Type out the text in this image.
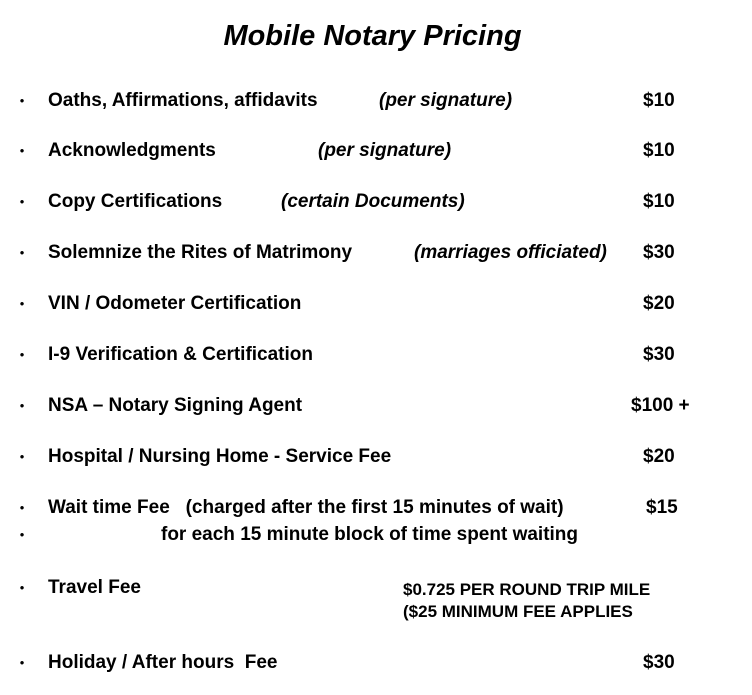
Mobile Notary Pricing
• Oaths, Affirmations, affidavits	(per signature)	$10
• Acknowledgments	(per signature)	$10
• Copy Certifications	(certain Documents)	$10
• Solemnize the Rites of Matrimony	(marriages officiated) $30
• VIN / Odometer Certification	$20
• I-9 Verification & Certification	$30
• NSA – Notary Signing Agent	$100 +
• Hospital / Nursing Home - Service Fee	$20
• Wait time Fee   (charged after the first 15 minutes of wait)	$15
•	for each 15 minute block of time spent waiting
• Travel Fee	$0.725 PER ROUND TRIP MILE
($25 MINIMUM FEE APPLIES
• Holiday / After hours  Fee	$30
